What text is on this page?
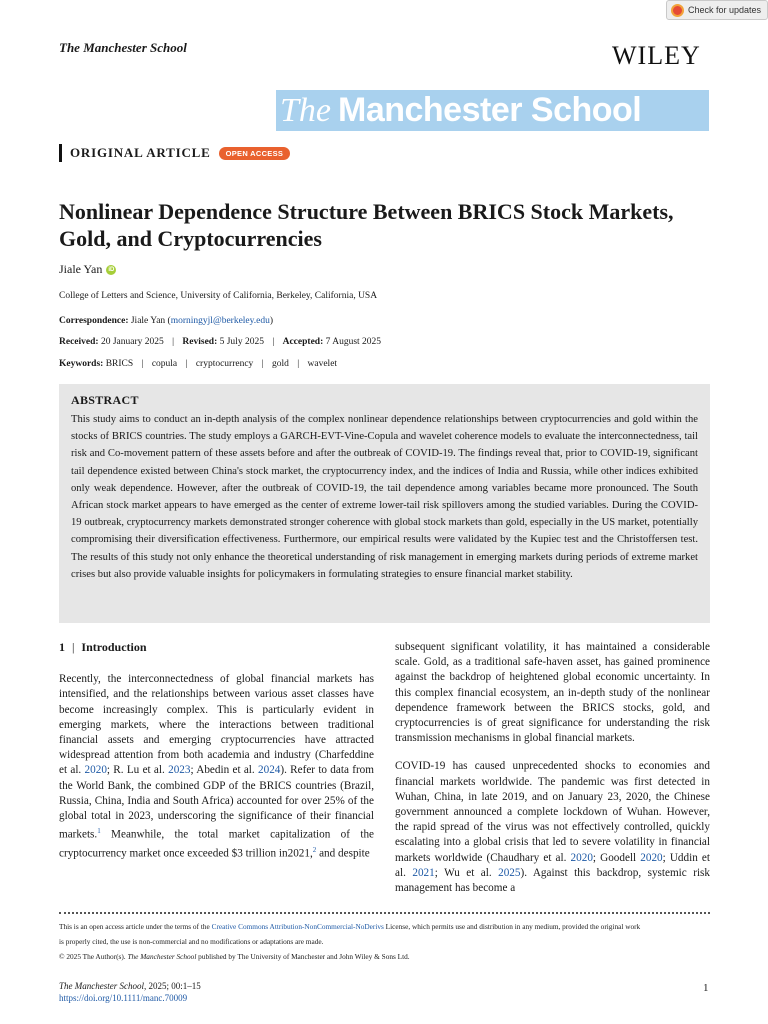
Check for updates
The Manchester School	WILEY
The Manchester School
ORIGINAL ARTICLE	OPEN ACCESS
Nonlinear Dependence Structure Between BRICS Stock Markets, Gold, and Cryptocurrencies
Jiale Yan	iD
College of Letters and Science, University of California, Berkeley, California, USA
Correspondence: Jiale Yan (morningyjl@berkeley.edu)
Received: 20 January 2025 | Revised: 5 July 2025 | Accepted: 7 August 2025
Keywords: BRICS | copula | cryptocurrency | gold | wavelet
ABSTRACT

This study aims to conduct an in-depth analysis of the complex nonlinear dependence relationships between cryptocurrencies and gold within the stocks of BRICS countries. The study employs a GARCH-EVT-Vine-Copula and wavelet coherence models to evaluate the interconnectedness, tail risk and Co-movement pattern of these assets before and after the outbreak of COVID-19. The findings reveal that, prior to COVID-19, significant tail dependence existed between China's stock market, the cryptocurrency index, and the indices of India and Russia, while other indices exhibited only weak dependence. However, after the outbreak of COVID-19, the tail dependence among variables became more pronounced. The South African stock market appears to have emerged as the center of extreme lower-tail risk spillovers among the studied variables. During the COVID-19 outbreak, cryptocurrency markets demonstrated stronger coherence with global stock markets than gold, especially in the US market, potentially compromising their diversification effectiveness. Furthermore, our empirical results were validated by the Kupiec test and the Christoffersen test. The results of this study not only enhance the theoretical understanding of risk management in emerging markets during periods of extreme market crises but also provide valuable insights for policymakers in formulating strategies to ensure financial market stability.

1 | Introduction

Recently, the interconnectedness of global financial markets has intensified, and the relationships between various asset classes have become increasingly complex. This is particularly evident in emerging markets, where the interactions between traditional financial assets and emerging cryptocurrencies have attracted widespread attention from both academia and industry (Charfeddine et al. 2020; R. Lu et al. 2023; Abedin et al. 2024). Refer to data from the World Bank, the combined GDP of the BRICS countries (Brazil, Russia, China, India and South Africa) accounted for over 25% of the global total in 2023, underscoring the significance of their financial markets.$^1$ Meanwhile, the total market capitalization of the cryptocurrency market once exceeded $3 trillion in2021,$^2$ and despite

subsequent significant volatility, it has maintained a considerable scale. Gold, as a traditional safe-haven asset, has gained prominence against the backdrop of heightened global economic uncertainty. In this complex financial ecosystem, an in-depth study of the nonlinear dependence framework between the BRICS stocks, gold, and cryptocurrencies is of great significance for understanding the risk transmission mechanisms in global financial markets.

COVID-19 has caused unprecedented shocks to economies and financial markets worldwide. The pandemic was first detected in Wuhan, China, in late 2019, and on January 23, 2020, the Chinese government announced a complete lockdown of Wuhan. However, the rapid spread of the virus was not effectively controlled, quickly escalating into a global crisis that led to severe volatility in financial markets worldwide (Chaudhary et al. 2020; Goodell 2020; Uddin et al. 2021; Wu et al. 2025). Against this backdrop, systemic risk management has become a

This is an open access article under the terms of the Creative Commons Attribution-NonCommercial-NoDerivs License, which permits use and distribution in any medium, provided the original work
is properly cited, the use is non-commercial and no modifications or adaptations are made.
© 2025 The Author(s). The Manchester School published by The University of Manchester and John Wiley & Sons Ltd.
The Manchester School, 2025; 00:1–15
https://doi.org/10.1111/manc.70009
1
